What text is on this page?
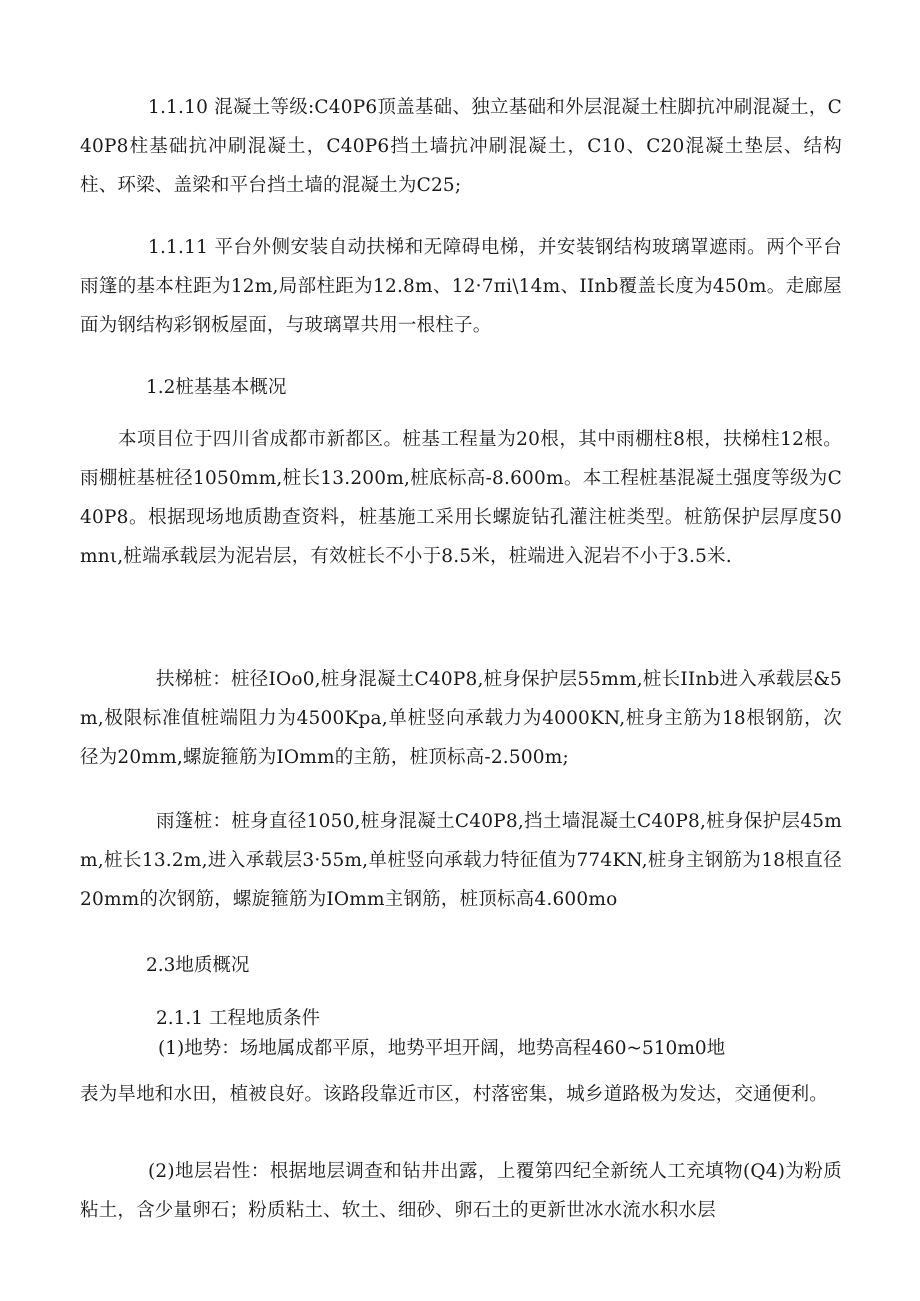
1.1.10 混凝土等级:C40P6顶盖基础、独立基础和外层混凝土柱脚抗冲刷混凝土，C40P8柱基础抗冲刷混凝土，C40P6挡土墙抗冲刷混凝土，C10、C20混凝土垫层、结构柱、环梁、盖梁和平台挡土墙的混凝土为C25;

1.1.11 平台外侧安装自动扶梯和无障碍电梯，并安装钢结构玻璃罩遮雨。两个平台雨篷的基本柱距为12m,局部柱距为12.8m、12·7πi\14m、IInb覆盖长度为450m。走廊屋面为钢结构彩钢板屋面，与玻璃罩共用一根柱子。

1.2桩基基本概况

本项目位于四川省成都市新都区。桩基工程量为20根，其中雨棚柱8根，扶梯柱12根。雨棚桩基桩径1050mm,桩长13.200m,桩底标高-8.600m。本工程桩基混凝土强度等级为C40P8。根据现场地质勘查资料，桩基施工采用长螺旋钻孔灌注桩类型。桩筋保护层厚度50mnι,桩端承载层为泥岩层，有效桩长不小于8.5米，桩端进入泥岩不小于3.5米.

扶梯桩：桩径IOo0,桩身混凝土C40P8,桩身保护层55mm,桩长IInb进入承载层&5m,极限标准值桩端阻力为4500Kpa,单桩竖向承载力为4000KN,桩身主筋为18根钢筋，次径为20mm,螺旋箍筋为IOmm的主筋，桩顶标高-2.500m;

雨篷桩：桩身直径1050,桩身混凝土C40P8,挡土墙混凝土C40P8,桩身保护层45mm,桩长13.2m,进入承载层3·55m,单桩竖向承载力特征值为774KN,桩身主钢筋为18根直径20mm的次钢筋，螺旋箍筋为IOmm主钢筋，桩顶标高4.600mo

2.3地质概况

2.1.1 工程地质条件

(1)地势：场地属成都平原，地势平坦开阔，地势高程460~510m0地

表为旱地和水田，植被良好。该路段靠近市区，村落密集，城乡道路极为发达，交通便利。

(2)地层岩性：根据地层调查和钻井出露，上覆第四纪全新统人工充填物(Q4)为粉质粘土，含少量卵石；粉质粘土、软土、细砂、卵石土的更新世冰水流水积水层
